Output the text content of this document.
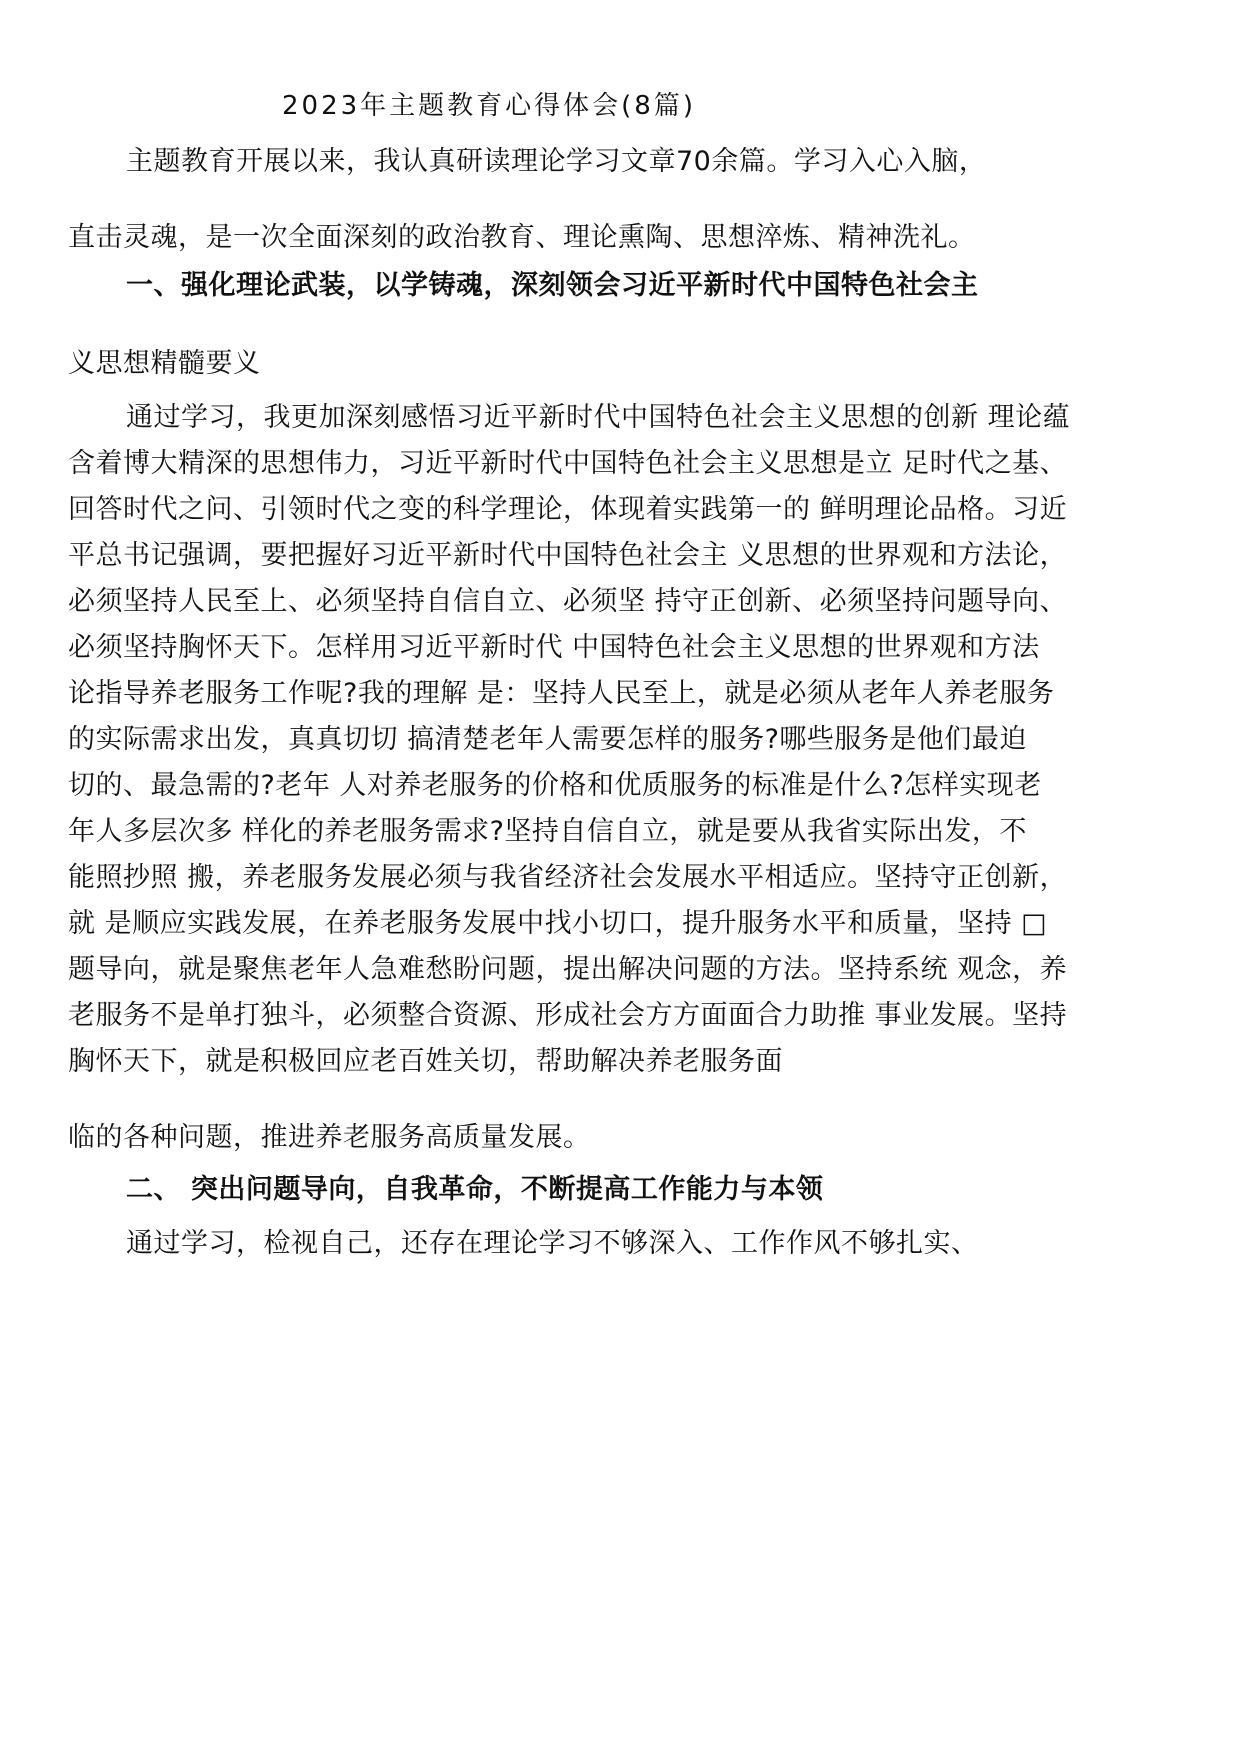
2023年主题教育心得体会(8篇)
主题教育开展以来，我认真研读理论学习文章70余篇。学习入心入脑，
直击灵魂，是一次全面深刻的政治教育、理论熏陶、思想淬炼、精神洗礼。
一、强化理论武装，以学铸魂，深刻领会习近平新时代中国特色社会主
义思想精髓要义
通过学习，我更加深刻感悟习近平新时代中国特色社会主义思想的创新 理论蕴
含着博大精深的思想伟力，习近平新时代中国特色社会主义思想是立 足时代之基、
回答时代之问、引领时代之变的科学理论，体现着实践第一的 鲜明理论品格。习近
平总书记强调，要把握好习近平新时代中国特色社会主 义思想的世界观和方法论，
必须坚持人民至上、必须坚持自信自立、必须坚 持守正创新、必须坚持问题导向、
必须坚持胸怀天下。怎样用习近平新时代 中国特色社会主义思想的世界观和方法
论指导养老服务工作呢?我的理解 是：坚持人民至上，就是必须从老年人养老服务
的实际需求出发，真真切切 搞清楚老年人需要怎样的服务?哪些服务是他们最迫
切的、最急需的?老年 人对养老服务的价格和优质服务的标准是什么?怎样实现老
年人多层次多 样化的养老服务需求?坚持自信自立，就是要从我省实际出发，不
能照抄照 搬，养老服务发展必须与我省经济社会发展水平相适应。坚持守正创新，
就 是顺应实践发展，在养老服务发展中找小切口，提升服务水平和质量，坚持 □
题导向，就是聚焦老年人急难愁盼问题，提出解决问题的方法。坚持系统 观念，养
老服务不是单打独斗，必须整合资源、形成社会方方面面合力助推 事业发展。坚持
胸怀天下，就是积极回应老百姓关切，帮助解决养老服务面
临的各种问题，推进养老服务高质量发展。
二、 突出问题导向，自我革命，不断提高工作能力与本领
通过学习，检视自己，还存在理论学习不够深入、工作作风不够扎实、
